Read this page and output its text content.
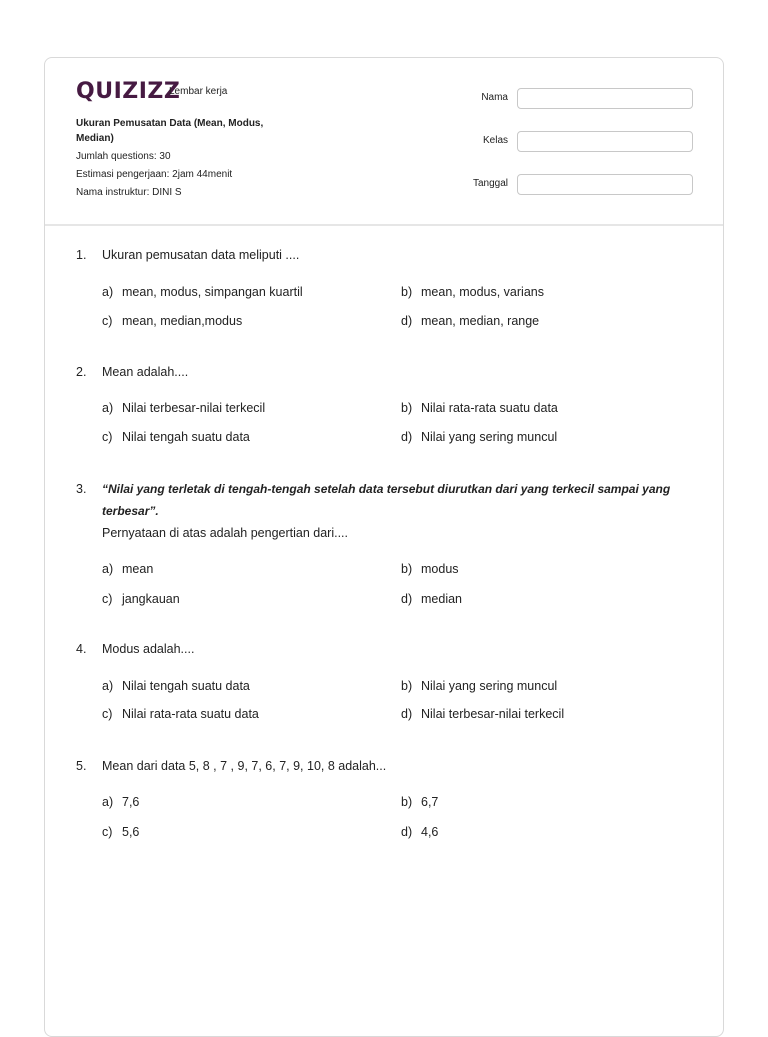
QUIZIZZ
Lembar kerja
Ukuran Pemusatan Data (Mean, Modus, Median)
Jumlah questions: 30
Estimasi pengerjaan: 2jam 44menit
Nama instruktur: DINI S
Nama
Kelas
Tanggal
1. Ukuran pemusatan data meliputi ....
a) mean, modus, simpangan kuartil	b) mean, modus, varians
c) mean, median,modus	d) mean, median, range
2. Mean adalah....
a) Nilai terbesar-nilai terkecil	b) Nilai rata-rata suatu data
c) Nilai tengah suatu data	d) Nilai yang sering muncul
3. “Nilai yang terletak di tengah-tengah setelah data tersebut diurutkan dari yang terkecil sampai yang terbesar”.
Pernyataan di atas adalah pengertian dari....
a) mean	b) modus
c) jangkauan	d) median
4. Modus adalah....
a) Nilai tengah suatu data	b) Nilai yang sering muncul
c) Nilai rata-rata suatu data	d) Nilai terbesar-nilai terkecil
5. Mean dari data 5, 8 , 7 , 9, 7, 6, 7, 9, 10, 8 adalah...
a) 7,6	b) 6,7
c) 5,6	d) 4,6
